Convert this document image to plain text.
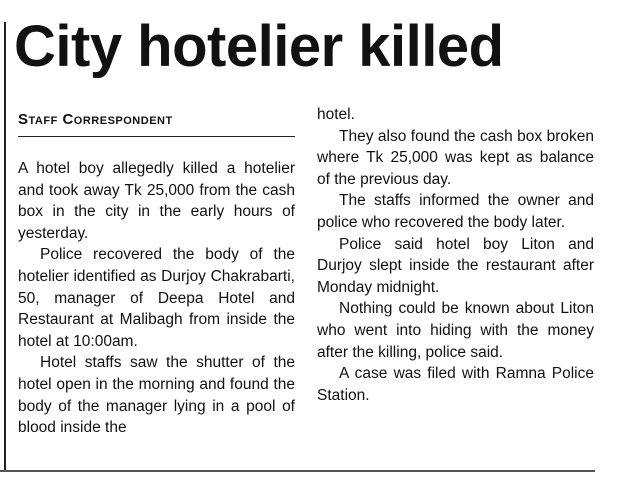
City hotelier killed
Staff Correspondent

A hotel boy allegedly killed a hotelier and took away Tk 25,000 from the cash box in the city in the early hours of yesterday.

Police recovered the body of the hotelier identified as Durjoy Chakrabarti, 50, manager of Deepa Hotel and Restaurant at Malibagh from inside the hotel at 10:00am.

Hotel staffs saw the shutter of the hotel open in the morning and found the body of the manager lying in a pool of blood inside the

hotel.

They also found the cash box broken where Tk 25,000 was kept as balance of the previous day.

The staffs informed the owner and police who recovered the body later.

Police said hotel boy Liton and Durjoy slept inside the restaurant after Monday midnight.

Nothing could be known about Liton who went into hiding with the money after the killing, police said.

A case was filed with Ramna Police Station.
